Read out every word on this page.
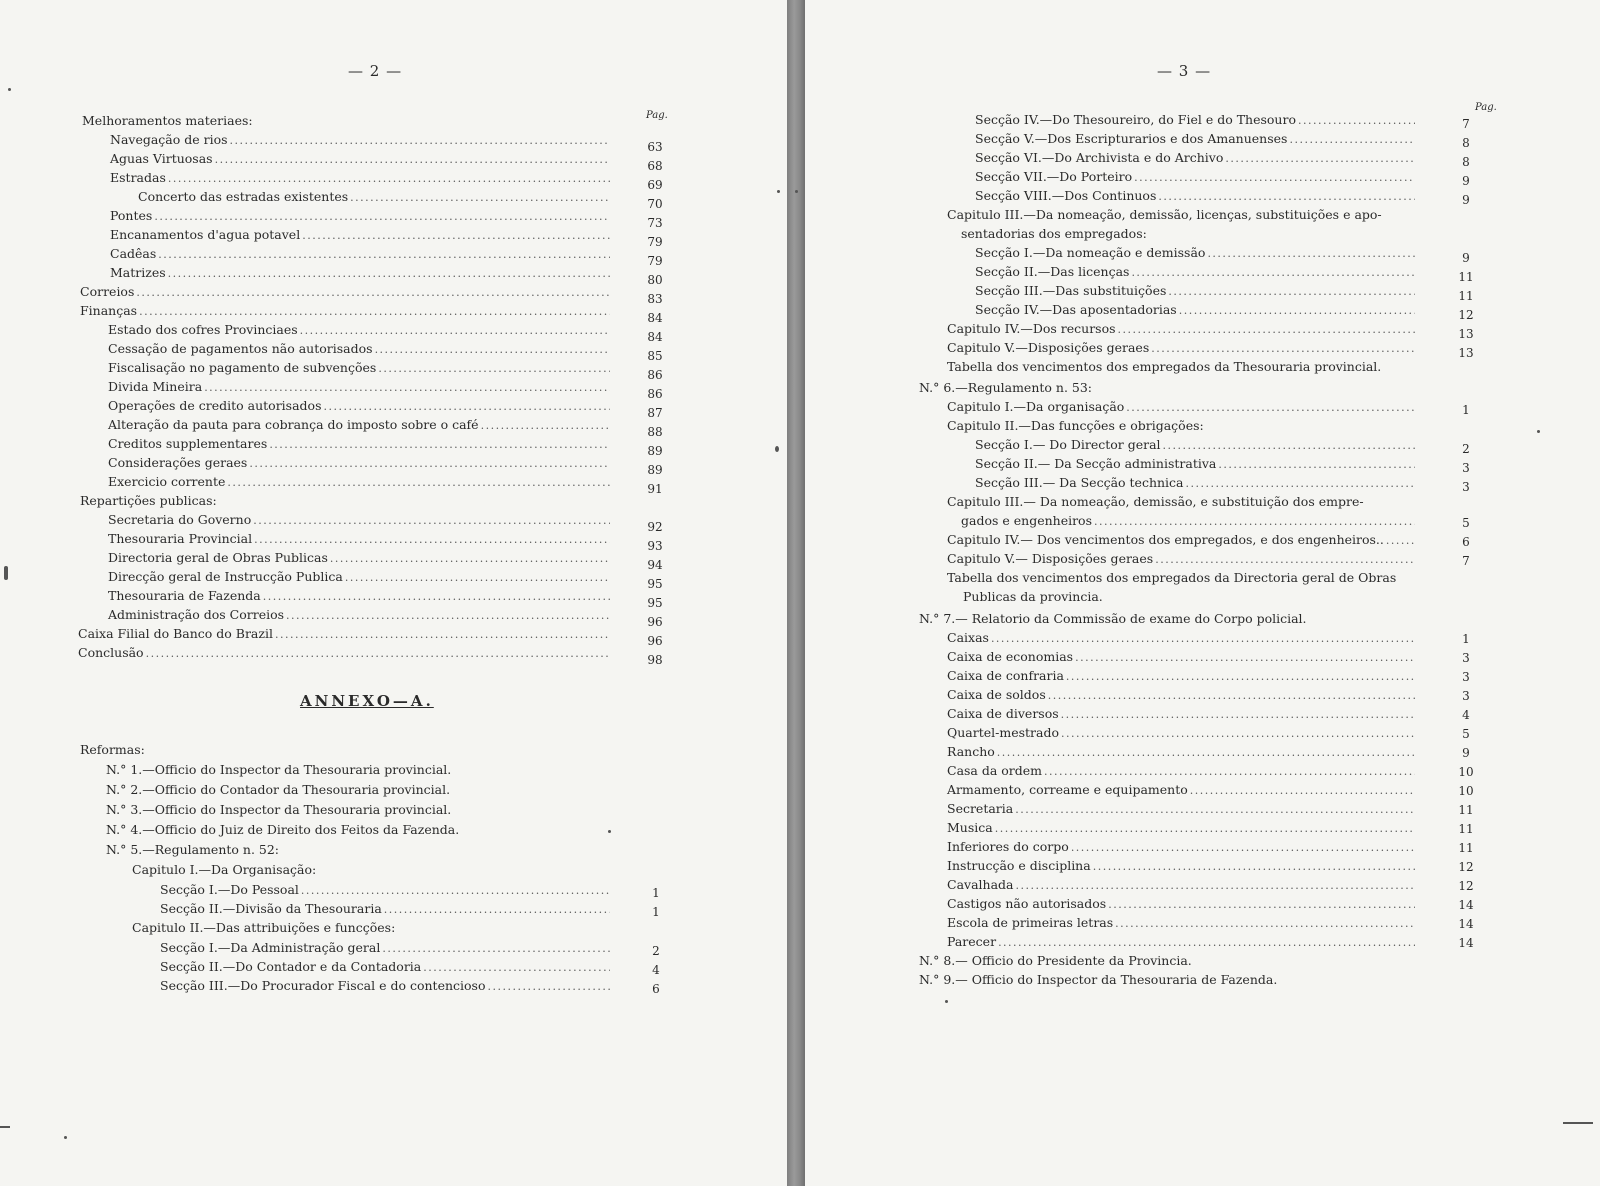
— 2 —
Pag.
Melhoramentos materiaes:
Navegação de rios .....	63
Aguas Virtuosas .....	68
Estradas .....	69
Concerto das estradas existentes .....	70
Pontes .....	73
Encanamentos d'agua potavel .....	79
Cadêas .....	79
Matrizes .....	80
Correios .....	83
Finanças .....	84
Estado dos cofres Provinciaes .....	84
Cessação de pagamentos não autorisados .....	85
Fiscalisação no pagamento de subvenções .....	86
Divida Mineira .....	86
Operações de credito autorisados .....	87
Alteração da pauta para cobrança do imposto sobre o café .....	88
Creditos supplementares .....	89
Considerações geraes .....	89
Exercicio corrente .....	91
Repartições publicas:
Secretaria do Governo .....	92
Thesouraria Provincial .....	93
Directoria geral de Obras Publicas .....	94
Direcção geral de Instrucção Publica .....	95
Thesouraria de Fazenda .....	95
Administração dos Correios .....	96
Caixa Filial do Banco do Brazil .....	96
Conclusão .....	98
ANNEXO—A.
Reformas:
N.° 1.—Officio do Inspector da Thesouraria provincial.
N.° 2.—Officio do Contador da Thesouraria provincial.
N.° 3.—Officio do Inspector da Thesouraria provincial.
N.° 4.—Officio do Juiz de Direito dos Feitos da Fazenda.
N.° 5.—Regulamento n. 52:
Capitulo I.—Da Organisação:
Secção I.—Do Pessoal .....	1
Secção II.—Divisão da Thesouraria .....	1
Capitulo II.—Das attribuições e funcções:
Secção I.—Da Administração geral .....	2
Secção II.—Do Contador e da Contadoria .....	4
Secção III.—Do Procurador Fiscal e do contencioso .....	6
— 3 —
Pag.
Secção IV.—Do Thesoureiro, do Fiel e do Thesouro .....	7
Secção V.—Dos Escripturarios e dos Amanuenses .....	8
Secção VI.—Do Archivista e do Archivo .....	8
Secção VII.—Do Porteiro .....	9
Secção VIII.—Dos Continuos .....	9
Capitulo III.—Da nomeação, demissão, licenças, substituições e apo-
sentadorias dos empregados:
Secção I.—Da nomeação e demissão .....	9
Secção II.—Das licenças .....	11
Secção III.—Das substituições .....	11
Secção IV.—Das aposentadorias .....	12
Capitulo IV.—Dos recursos .....	13
Capitulo V.—Disposições geraes .....	13
Tabella dos vencimentos dos empregados da Thesouraria provincial.
N.° 6.—Regulamento n. 53:
Capitulo I.—Da organisação .....	1
Capitulo II.—Das funcções e obrigações:
Secção I.— Do Director geral .....	2
Secção II.— Da Secção administrativa .....	3
Secção III.— Da Secção technica .....	3
Capitulo III.— Da nomeação, demissão, e substituição dos empre-
gados e engenheiros .....	5
Capitulo IV.— Dos vencimentos dos empregados, e dos engenheiros.. .....	6
Capitulo V.— Disposições geraes .....	7
Tabella dos vencimentos dos empregados da Directoria geral de Obras
Publicas da provincia.
N.° 7.— Relatorio da Commissão de exame do Corpo policial.
Caixas .....	1
Caixa de economias .....	3
Caixa de confraria .....	3
Caixa de soldos .....	3
Caixa de diversos .....	4
Quartel-mestrado .....	5
Rancho .....	9
Casa da ordem .....	10
Armamento, correame e equipamento .....	10
Secretaria .....	11
Musica .....	11
Inferiores do corpo .....	11
Instrucção e disciplina .....	12
Cavalhada .....	12
Castigos não autorisados .....	14
Escola de primeiras letras .....	14
Parecer .....	14
N.° 8.— Officio do Presidente da Provincia.
N.° 9.— Officio do Inspector da Thesouraria de Fazenda.
